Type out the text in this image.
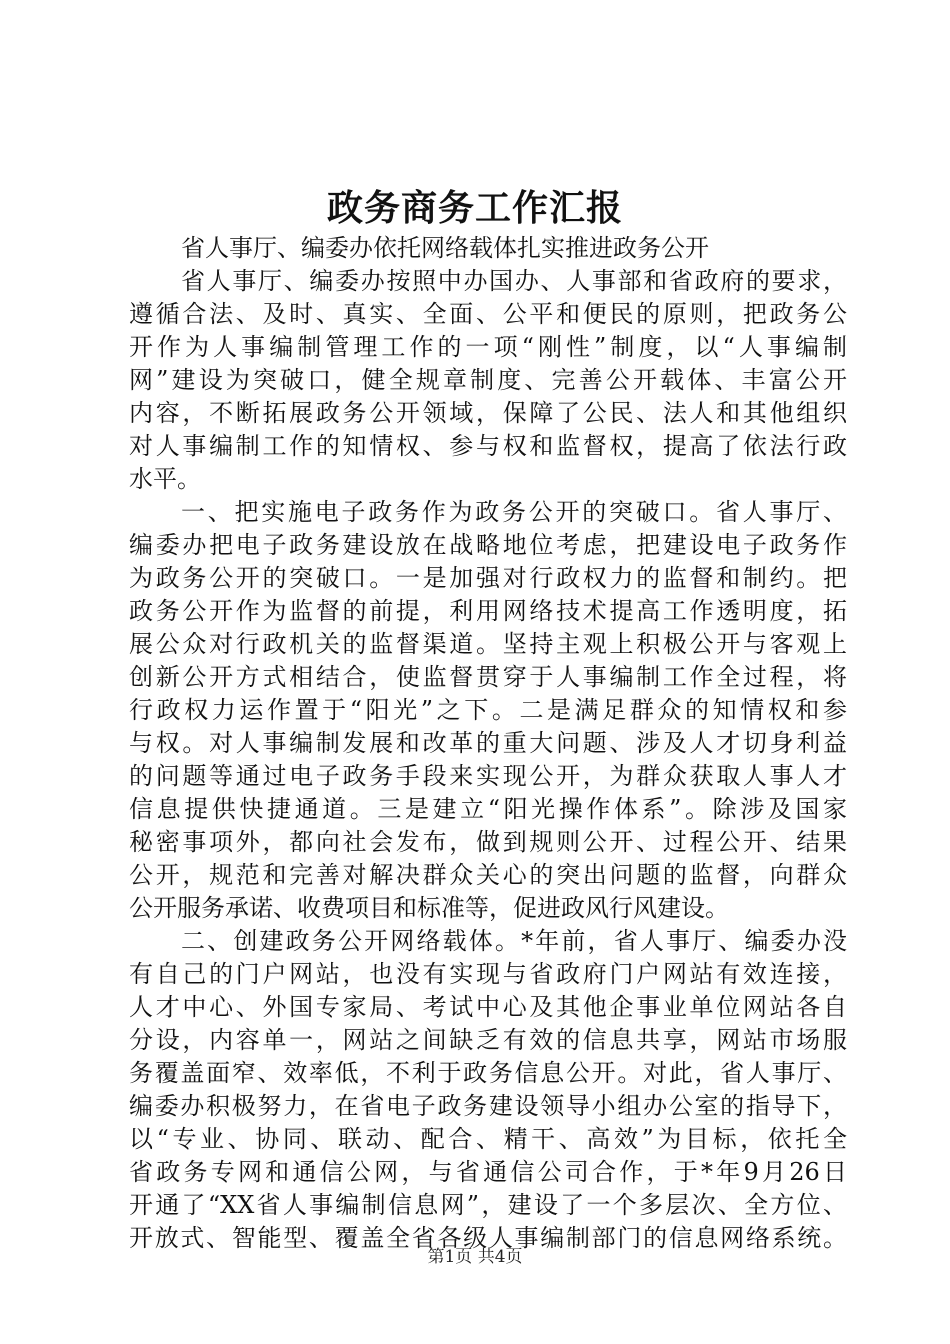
政务商务工作汇报
省人事厅、编委办依托网络载体扎实推进政务公开
省人事厅、编委办按照中办国办、人事部和省政府的要求，
遵循合法、及时、真实、全面、公平和便民的原则，把政务公
开作为人事编制管理工作的一项“刚性”制度，以“人事编制
网”建设为突破口，健全规章制度、完善公开载体、丰富公开
内容，不断拓展政务公开领域，保障了公民、法人和其他组织
对人事编制工作的知情权、参与权和监督权，提高了依法行政
水平。
一、把实施电子政务作为政务公开的突破口。省人事厅、
编委办把电子政务建设放在战略地位考虑，把建设电子政务作
为政务公开的突破口。一是加强对行政权力的监督和制约。把
政务公开作为监督的前提，利用网络技术提高工作透明度，拓
展公众对行政机关的监督渠道。坚持主观上积极公开与客观上
创新公开方式相结合，使监督贯穿于人事编制工作全过程，将
行政权力运作置于“阳光”之下。二是满足群众的知情权和参
与权。对人事编制发展和改革的重大问题、涉及人才切身利益
的问题等通过电子政务手段来实现公开，为群众获取人事人才
信息提供快捷通道。三是建立“阳光操作体系”。除涉及国家
秘密事项外，都向社会发布，做到规则公开、过程公开、结果
公开，规范和完善对解决群众关心的突出问题的监督，向群众
公开服务承诺、收费项目和标准等，促进政风行风建设。
二、创建政务公开网络载体。*年前，省人事厅、编委办没
有自己的门户网站，也没有实现与省政府门户网站有效连接，
人才中心、外国专家局、考试中心及其他企事业单位网站各自
分设，内容单一，网站之间缺乏有效的信息共享，网站市场服
务覆盖面窄、效率低，不利于政务信息公开。对此，省人事厅、
编委办积极努力，在省电子政务建设领导小组办公室的指导下，
以“专业、协同、联动、配合、精干、高效”为目标，依托全
省政务专网和通信公网，与省通信公司合作，于*年9月26日
开通了“XX省人事编制信息网”，建设了一个多层次、全方位、
开放式、智能型、覆盖全省各级人事编制部门的信息网络系统。
第1页 共4页
